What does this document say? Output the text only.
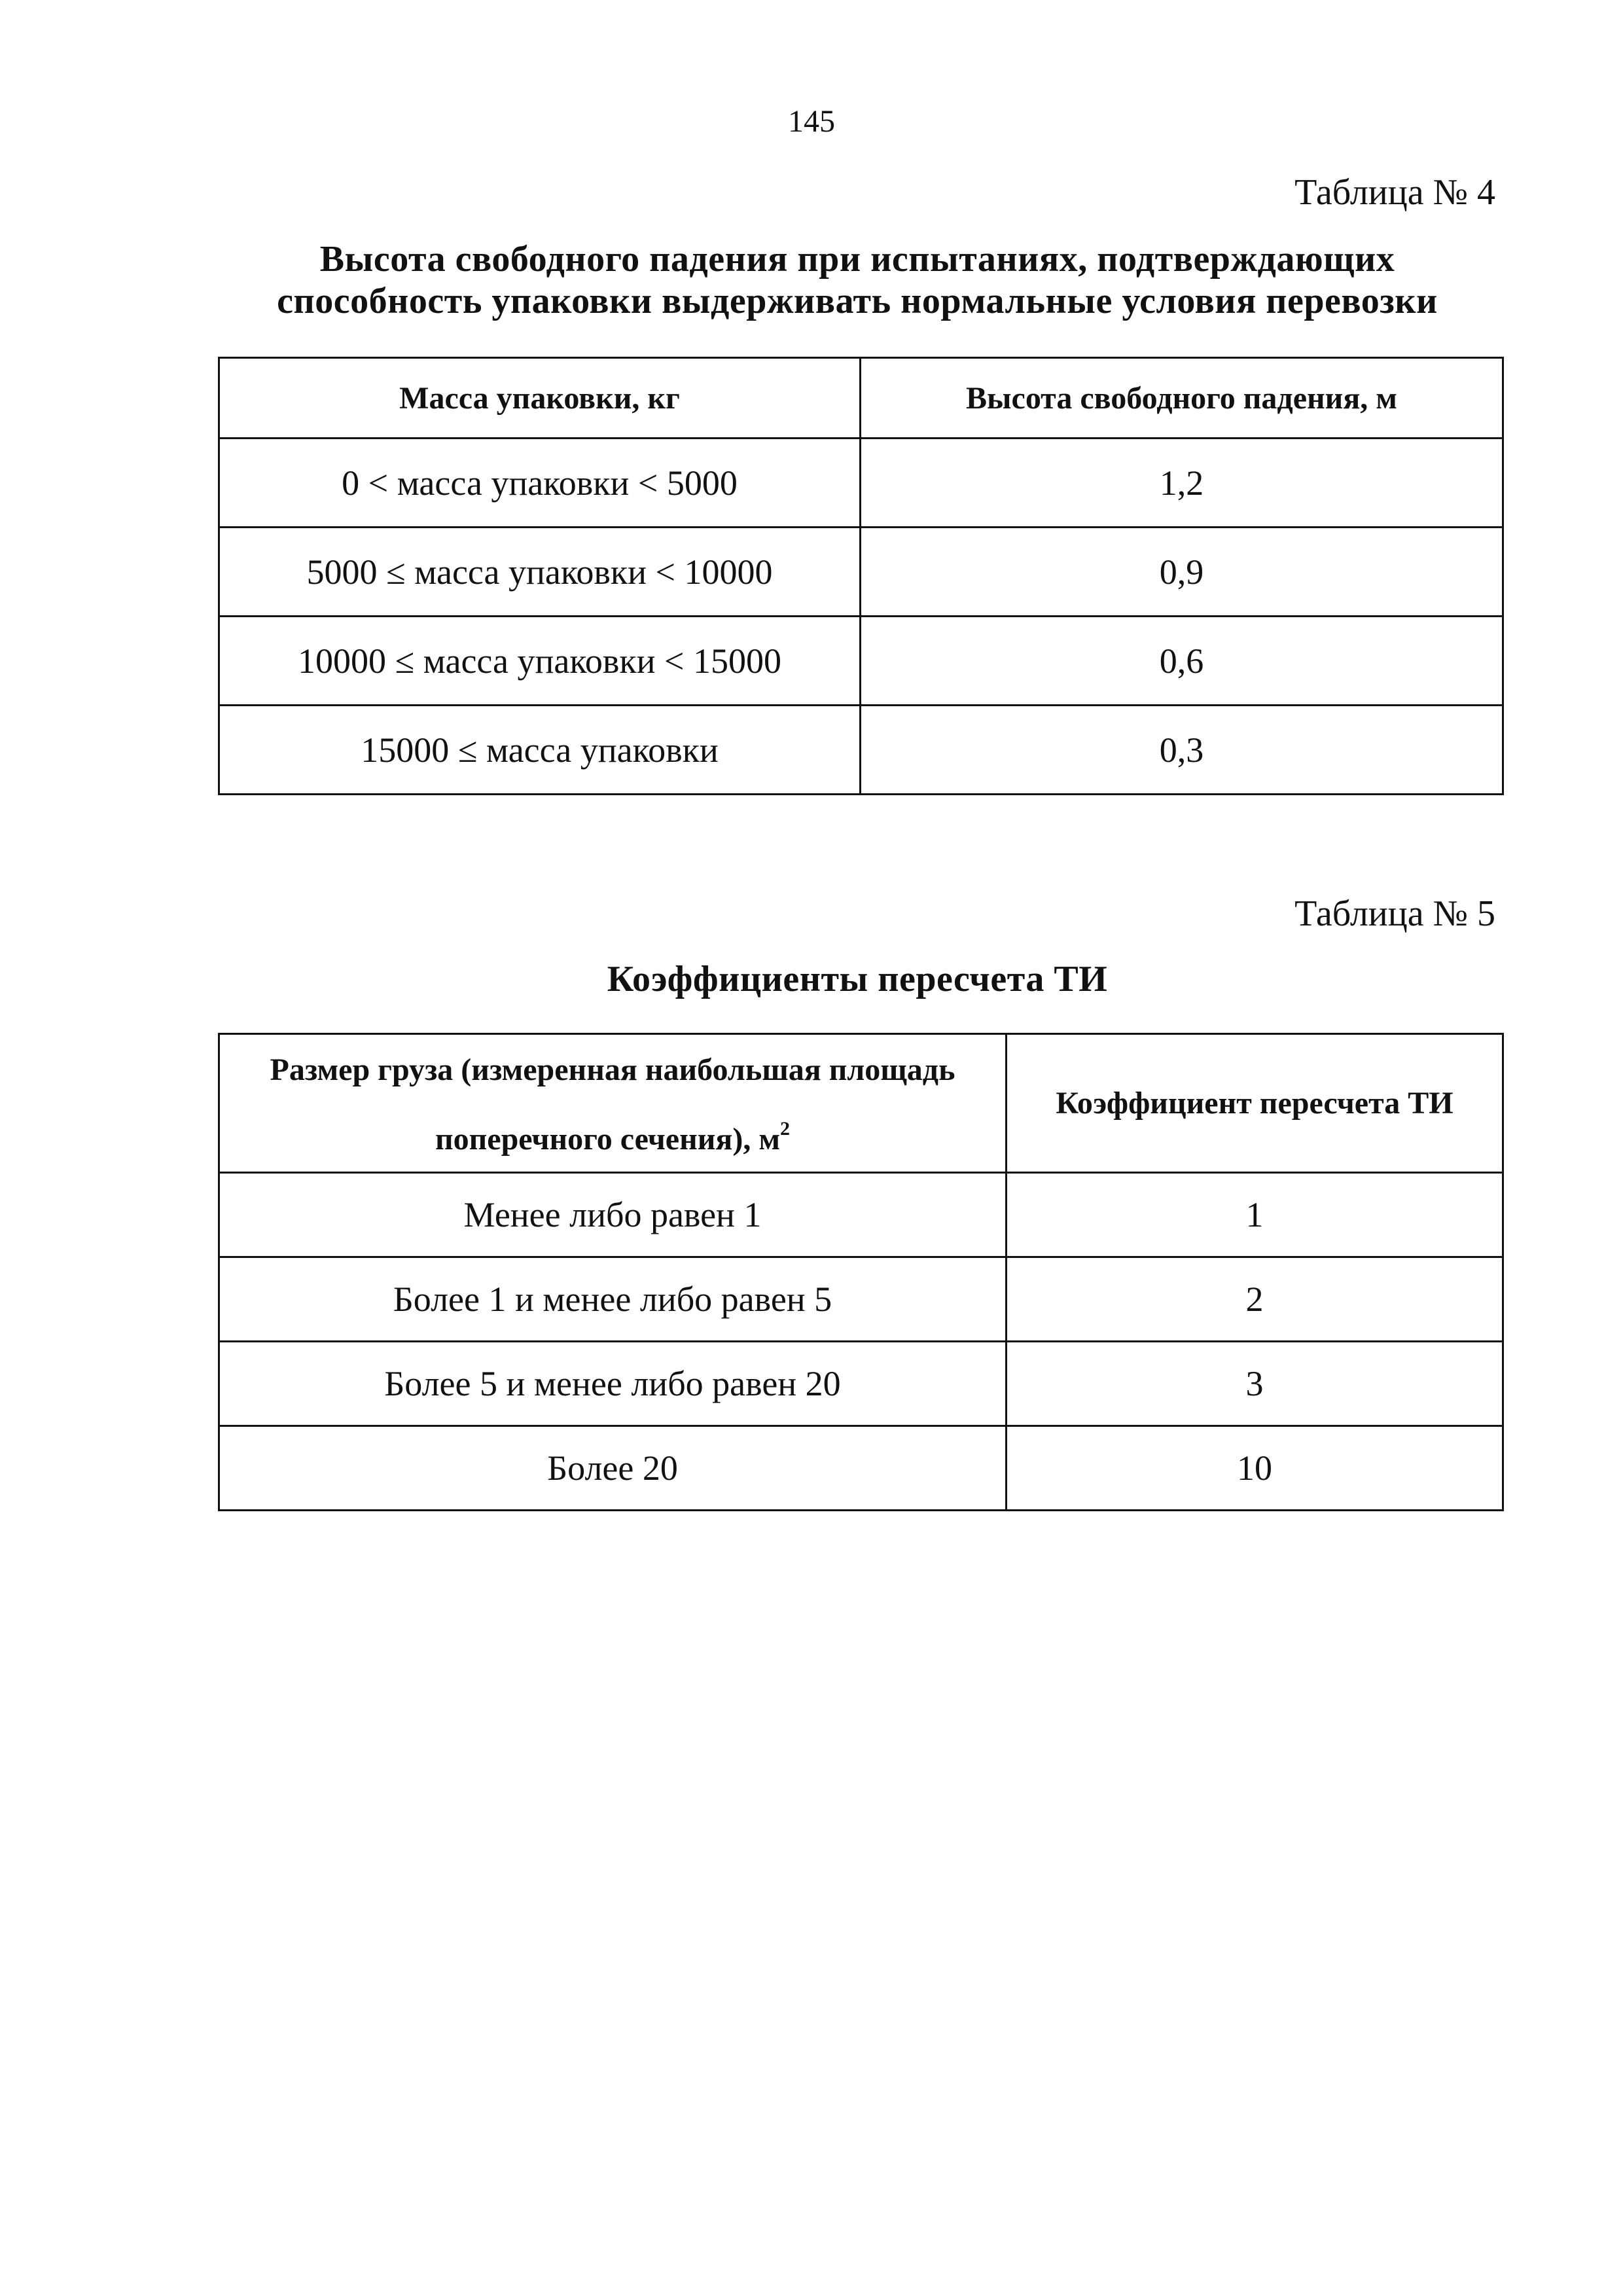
145
Таблица № 4
Высота свободного падения при испытаниях, подтверждающих
способность упаковки выдерживать нормальные условия перевозки
Масса упаковки, кг	Высота свободного падения, м
0 < масса упаковки < 5000	1,2
5000 ≤ масса упаковки < 10000	0,9
10000 ≤ масса упаковки < 15000	0,6
15000 ≤ масса упаковки	0,3
Таблица № 5
Коэффициенты пересчета ТИ
Размер груза (измеренная наибольшая площадь
поперечного сечения), $м^2$	Коэффициент пересчета ТИ
Менее либо равен 1	1
Более 1 и менее либо равен 5	2
Более 5 и менее либо равен 20	3
Более 20	10
